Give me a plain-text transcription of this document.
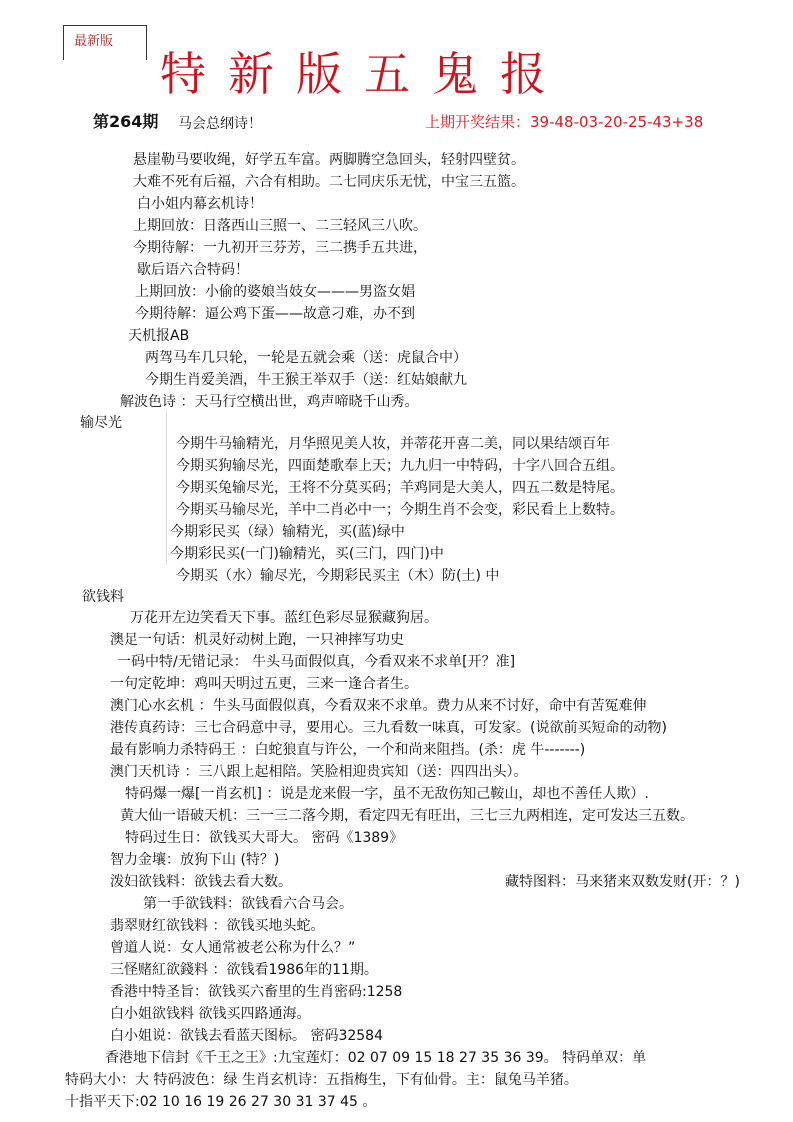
最新版
特新版五鬼报
第264期 马会总纲诗！	上期开奖结果：39-48-03-20-25-43+38
悬崖勒马要收绳，好学五车富。两脚腾空急回头，轻射四壁贫。
大难不死有后福，六合有相助。二七同庆乐无忧，中宝三五篮。
白小姐内幕玄机诗！
上期回放：日落西山三照一、二三轻风三八吹。
今期待解：一九初开三芬芳，三二携手五共进，
歇后语六合特码！
上期回放：小偷的婆娘当妓女———男盗女娼
今期待解：逼公鸡下蛋——故意刁难，办不到
天机报AB
两驾马车几只轮，一轮是五就会乘（送：虎鼠合中）
今期生肖爱美酒，牛王猴王举双手（送：红姑娘献九
解波色诗 ：天马行空横出世，鸡声啼晓千山秀。
输尽光
今期牛马输精光，月华照见美人妆，并蒂花开喜二美，同以果结颂百年
今期买狗输尽光，四面楚歌奉上天；九九归一中特码，十字八回合五组。
今期买兔输尽光，王将不分莫买码；羊鸡同是大美人，四五二数是特尾。
今期买马输尽光，羊中二肖必中一；今期生肖不会变，彩民看上上数特。
今期彩民买（绿）输精光，买(蓝)绿中
今期彩民买(一门)输精光，买(三门，四门)中
今期买（水）输尽光，今期彩民买主（木）防(土) 中
欲钱料
万花开左边笑看天下事。蓝红色彩尽显猴藏狗居。
澳足一句话：机灵好动树上跑，一只神摔写功史
一码中特/无错记录： 牛头马面假似真，今看双来不求单[开？准]
一句定乾坤：鸡叫天明过五更，三来一逢合者生。
澳门心水玄机 ：牛头马面假似真，今看双来不求单。费力从来不讨好，命中有苦冤难伸
港传真药诗：三七合码意中寻，要用心。三九看数一味真，可发家。(说欲前买短命的动物)
最有影响力杀特码王 ：白蛇狼直与许公，一个和尚来阻挡。(杀：虎 牛-------)
澳门天机诗 ：三八跟上起相陪。笑脸相迎贵宾知（送：四四出头）。
特码爆一爆[一肖玄机] ：说是龙来假一字，虽不无敌伤知己鞍山，却也不善任人欺）.
黄大仙一语破天机：三一三二落今期，看定四无有旺出，三七三九两相连，定可发达三五数。
特码过生日：欲钱买大哥大。 密码《1389》
智力金壤：放狗下山 (特？)
泼妇欲钱料：欲钱去看大数。	藏特图料：马来猪来双数发财(开：？)
第一手欲钱料：欲钱看六合马会。
翡翠财红欲钱料 ：欲钱买地头蛇。
曾道人说：女人通常被老公称为什么？”
三怪赌紅欲錢料 ：欲钱看1986年的11期。
香港中特圣旨：欲钱买六畜里的生肖密码:1258
白小姐欲钱料 欲钱买四路通海。
白小姐说：欲钱去看蓝天图标。 密码32584
香港地下信封《千王之王》:九宝莲灯：02 07 09 15 18 27 35 36 39。 特码单双：单
特码大小：大 特码波色：绿 生肖玄机诗：五指梅生，下有仙骨。主：鼠兔马羊猪。
十指平天下:02 10 16 19 26 27 30 31 37 45 。
